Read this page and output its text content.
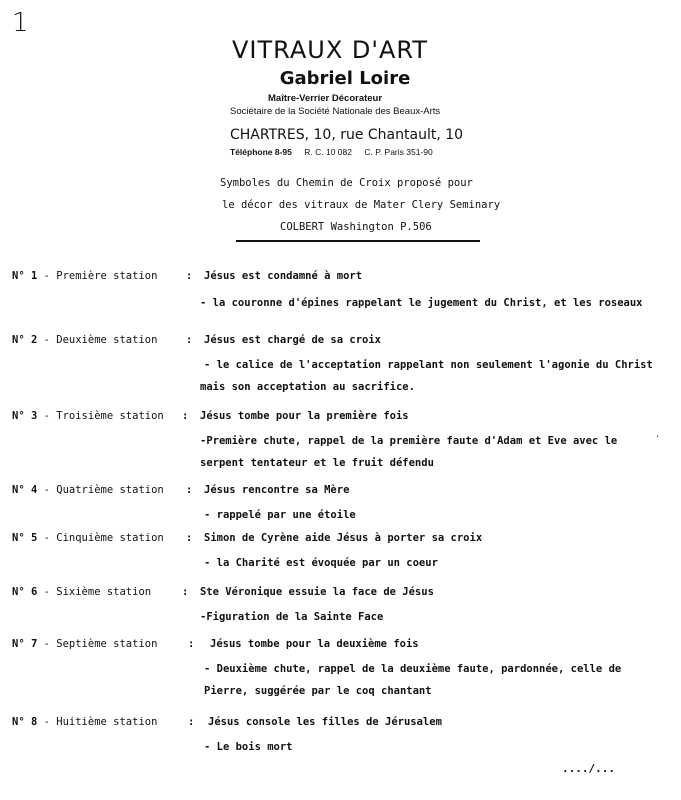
1
VITRAUX D'ART
Gabriel Loire
Maître-Verrier Décorateur
Sociétaire de la Société Nationale des Beaux-Arts
CHARTRES, 10, rue Chantault, 10
Téléphone 8-95 R. C. 10 082 C. P. Paris 351-90
Symboles du Chemin de Croix proposé pour
le décor des vitraux de Mater Clery Seminary
COLBERT Washington P.506
N° 1 - Première station	: Jésus est condamné à mort
- la couronne d'épines rappelant le jugement du Christ, et les roseaux
N° 2 - Deuxième station	: Jésus est chargé de sa croix
- le calice de l'acceptation rappelant non seulement l'agonie du Christ
mais son acceptation au sacrifice.
N° 3 - Troisième station : Jésus tombe pour la première fois
-Première chute, rappel de la première faute d'Adam et Eve avec le
serpent tentateur et le fruit défendu
N° 4 - Quatrième station : Jésus rencontre sa Mère
- rappelé par une étoile
N° 5 - Cinquième station : Simon de Cyrène aide Jésus à porter sa croix
- la Charité est évoquée par un coeur
N° 6 - Sixième station	: Ste Véronique essuie la face de Jésus
-Figuration de la Sainte Face
N° 7 - Septième station	: Jésus tombe pour la deuxième fois
- Deuxième chute, rappel de la deuxième faute, pardonnée, celle de
Pierre, suggérée par le coq chantant
N° 8 - Huitième station	: Jésus console les filles de Jérusalem
- Le bois mort
·
..../...
